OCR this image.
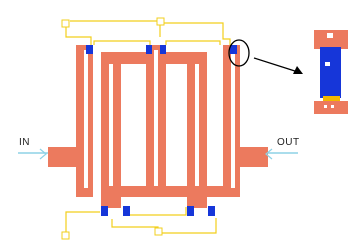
IN	OUT
